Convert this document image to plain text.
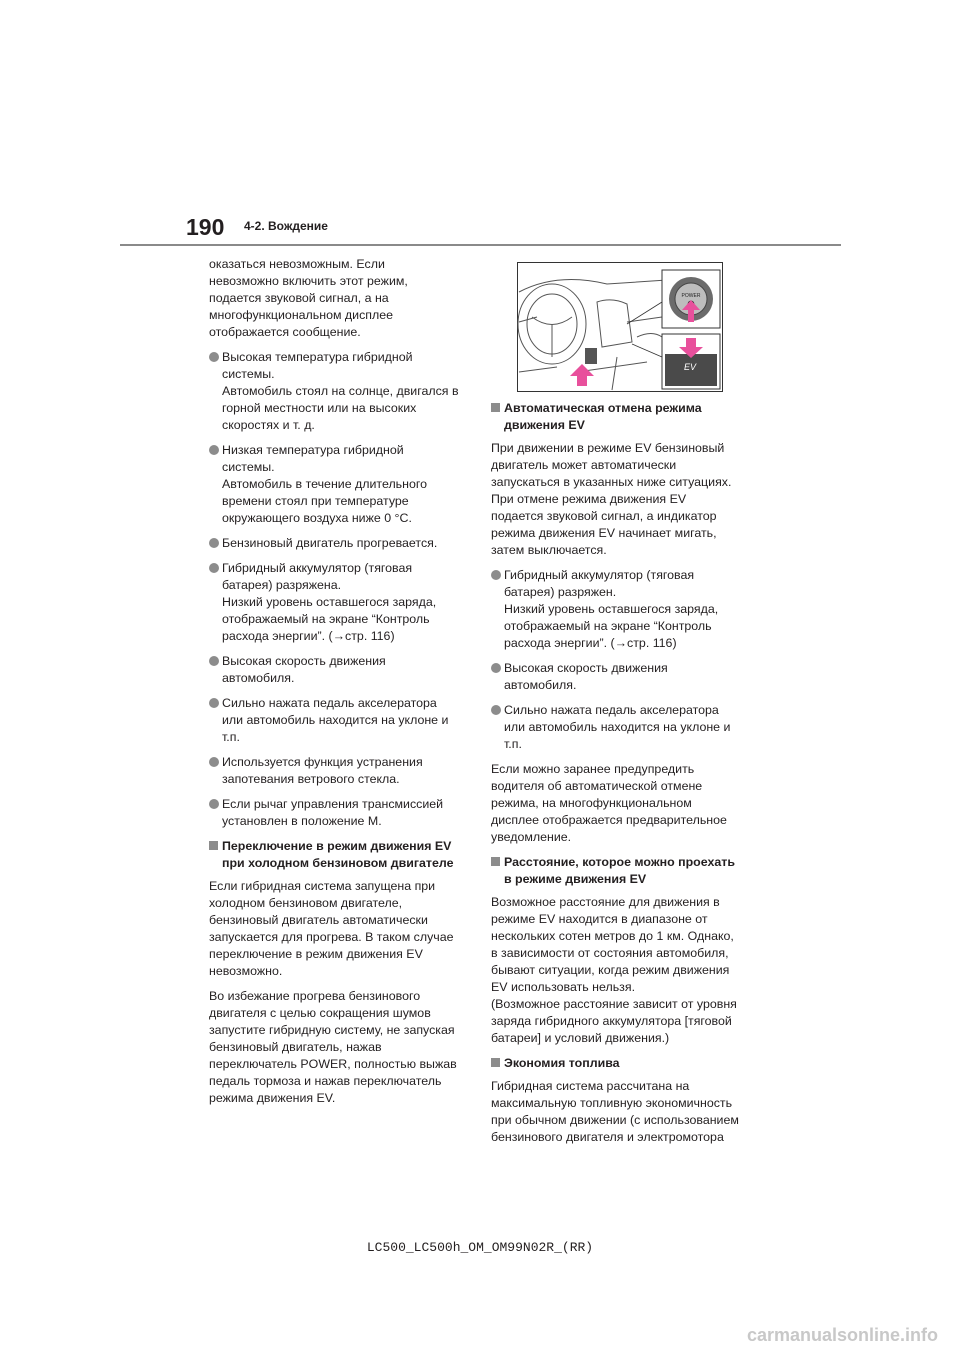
190 4-2. Вождение

оказаться невозможным. Если
невозможно включить этот режим,
подается звуковой сигнал, а на
многофункциональном дисплее
отображается сообщение.

Высокая температура гибридной
системы.
Автомобиль стоял на солнце, двигался в
горной местности или на высоких
скоростях и т. д.
Низкая температура гибридной
системы.
Автомобиль в течение длительного
времени стоял при температуре
окружающего воздуха ниже 0 °C.
Бензиновый двигатель прогревается.
Гибридный аккумулятор (тяговая
батарея) разряжена.
Низкий уровень оставшегося заряда,
отображаемый на экране “Контроль
расхода энергии”. (→стр. 116)
Высокая скорость движения
автомобиля.
Сильно нажата педаль акселератора
или автомобиль находится на уклоне и
т.п.
Используется функция устранения
запотевания ветрового стекла.
Если рычаг управления трансмиссией
установлен в положение M.
Переключение в режим движения EV
при холодном бензиновом двигателе

Если гибридная система запущена при
холодном бензиновом двигателе,
бензиновый двигатель автоматически
запускается для прогрева. В таком случае
переключение в режим движения EV
невозможно.

Во избежание прогрева бензинового
двигателя с целью сокращения шумов
запустите гибридную систему, не запуская
бензиновый двигатель, нажав
переключатель POWER, полностью выжав
педаль тормоза и нажав переключатель
режима движения EV.

POWER
EV
Автоматическая отмена режима
движения EV

При движении в режиме EV бензиновый
двигатель может автоматически
запускаться в указанных ниже ситуациях.
При отмене режима движения EV
подается звуковой сигнал, а индикатор
режима движения EV начинает мигать,
затем выключается.

Гибридный аккумулятор (тяговая
батарея) разряжен.
Низкий уровень оставшегося заряда,
отображаемый на экране “Контроль
расхода энергии”. (→стр. 116)
Высокая скорость движения
автомобиля.
Сильно нажата педаль акселератора
или автомобиль находится на уклоне и
т.п.

Если можно заранее предупредить
водителя об автоматической отмене
режима, на многофункциональном
дисплее отображается предварительное
уведомление.

Расстояние, которое можно проехать
в режиме движения EV

Возможное расстояние для движения в
режиме EV находится в диапазоне от
нескольких сотен метров до 1 км. Однако,
в зависимости от состояния автомобиля,
бывают ситуации, когда режим движения
EV использовать нельзя.
(Возможное расстояние зависит от уровня
заряда гибридного аккумулятора [тяговой
батареи] и условий движения.)

Экономия топлива

Гибридная система рассчитана на
максимальную топливную экономичность
при обычном движении (с использованием
бензинового двигателя и электромотора

LC500_LC500h_OM_OM99N02R_(RR)
carmanualsonline.info
